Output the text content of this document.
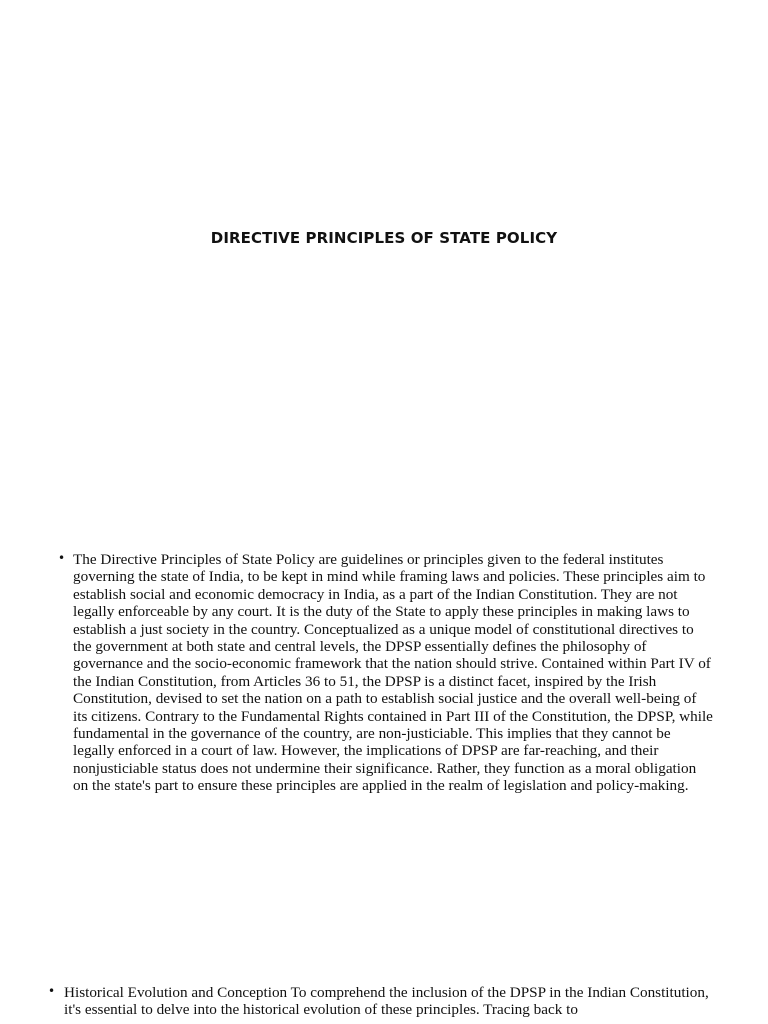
DIRECTIVE PRINCIPLES OF STATE POLICY
• The Directive Principles of State Policy are guidelines or principles given to the federal institutes governing the state of India, to be kept in mind while framing laws and policies. These principles aim to establish social and economic democracy in India, as a part of the Indian Constitution. They are not legally enforceable by any court. It is the duty of the State to apply these principles in making laws to establish a just society in the country. Conceptualized as a unique model of constitutional directives to the government at both state and central levels, the DPSP essentially defines the philosophy of governance and the socio-economic framework that the nation should strive. Contained within Part IV of the Indian Constitution, from Articles 36 to 51, the DPSP is a distinct facet, inspired by the Irish Constitution, devised to set the nation on a path to establish social justice and the overall well-being of its citizens. Contrary to the Fundamental Rights contained in Part III of the Constitution, the DPSP, while fundamental in the governance of the country, are non-justiciable. This implies that they cannot be legally enforced in a court of law. However, the implications of DPSP are far-reaching, and their nonjusticiable status does not undermine their significance. Rather, they function as a moral obligation on the state's part to ensure these principles are applied in the realm of legislation and policy-making.
• Historical Evolution and Conception To comprehend the inclusion of the DPSP in the Indian Constitution, it's essential to delve into the historical evolution of these principles. Tracing back to
